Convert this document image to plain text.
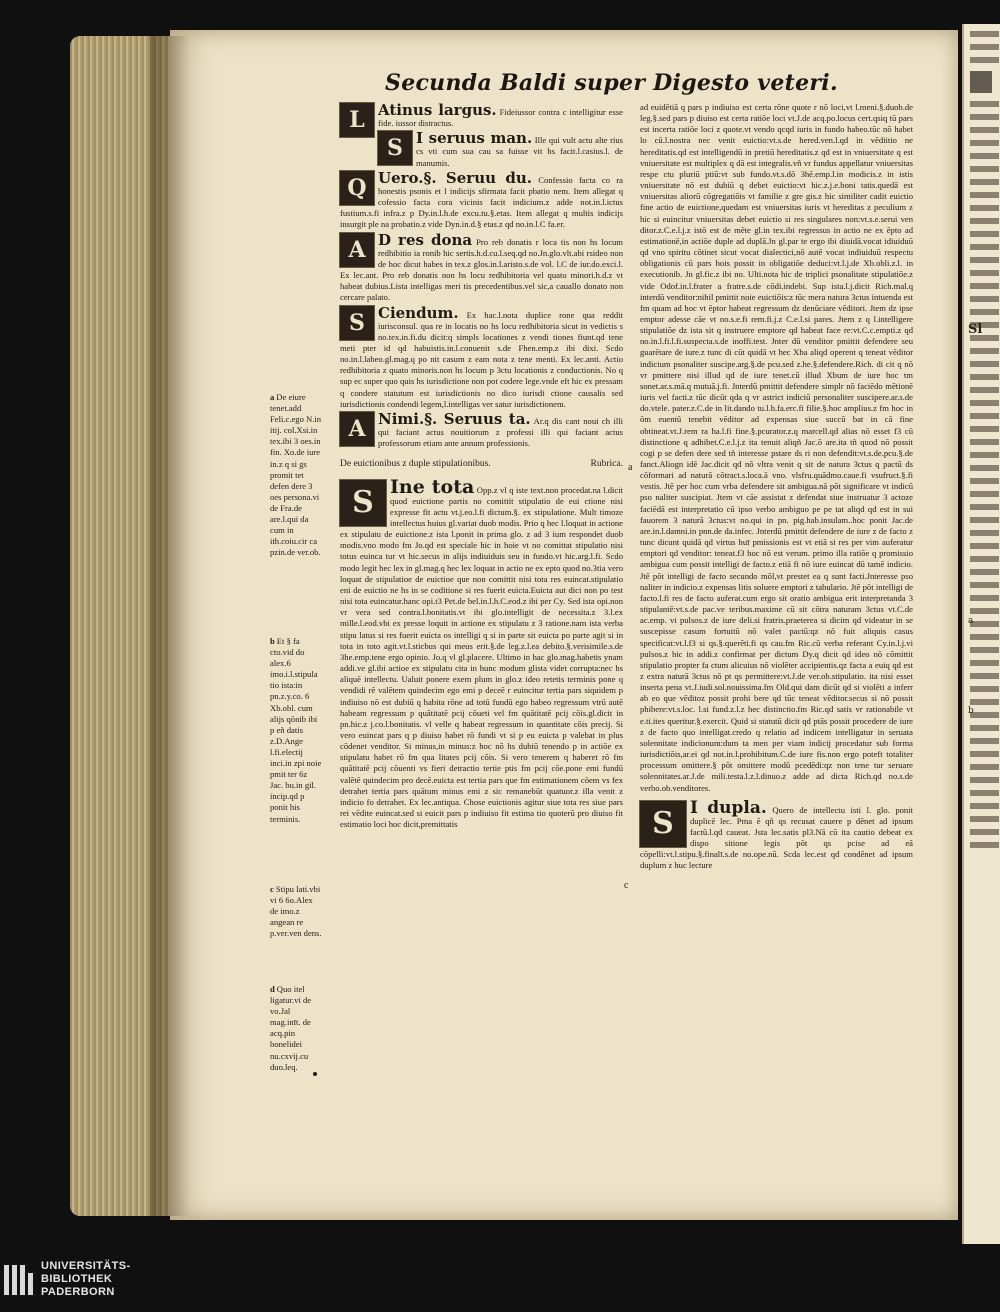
Sl
a
b
Secunda Baldi super Digesto veteri.
L Atinus largus. Fideiussor contra c intelligitur esse fide. iussor distractus.
S I seruus man. Ille qui vult actu alte rius cs vti cum sua cau sa fuisse vit hs facit.l.casius.l. de manumis.
Q Uero.§. Seruu du. Confessio facta co ra honestis psonis et l indicijs sfirmata facit pbatio nem. Item allegat q cofessio facta cora vicinis facit indicium.z adde not.in.l.ictus fustium.s.fi infra.z p Dy.in.l.h.de excu.tu.§.etas. Item allegat q multis indicijs insurgit ple na probatio.z vide Dyn.in.d.§ etas.z qd no.in.l.C fa.er.
A D res dona Pro reb donatis r loca tis non hs locum redhibitio ia ronib hic sertis.h.d.cu.l.seq.qd no.Jn.glo.vlt.abi rsideo non de hoc dicut habes in tex.z glos.in.l.aristo.s.de vol. l.C de iur.do.exci.l. Ex lec.ant. Pro reb donatis non hs locu redhibitoria vel quato minori.h.d.z vt habeat dubius.Lista intelligas meri tis precedentibus.vel sic,a cauallo donato non cercare palato.
S Ciendum. Ex hac.l.nota duplice rone qua reddit iurisconsul. qua re in locatis no hs locu redhibitoria sicut in vedictis s no.tex.in.fi.du dicit:q simpls locationes z vendi tiones fiunt.qd tene meti pter id qd habuistis.in.l.conuenit s.de Fhen.emp.z ibi dixi. Scdo no.in.l.labeo.gl.mag.q po nit casum z eam nota z tene menti. Ex lec.anti. Actio redhibitoria z quato minoris.non hs locum p 3ctu locationis z conductionis. No q sup ec super quo quis hs iurisdictione non pot codere lege.vnde eft hic ex pressam q condere statutum est iurisdictionis no dico iurisdi ctione causalis sed iurisdictionis condendi legem,l.intelligas ver satur iurisdictionem.
A Nimi.§. Seruus ta. Ar.q dis cant noui ch illi qui faciant actus nouitiorum z professi illi qui faciant actus professorum etiam ante annum professionis.
De euictionibus z duple stipulationibus.	Rubrica.
S Ine tota Opp.z vl q iste text.non procedat.na l.dicit quod euictione partis no comittit stipulatio de eui ctione nisi expresse fit actu vt.j.eo.l.fi dictum.§. ex stipulatione. Mult timoze intellectus huius gl.variat duob modis. Prio q hec l.loquat in actione ex stipulatu de euictione.z ista l.ponit in prima glo. z ad 3 ium respondet duob modis.vno modo fm Jo.qd est speciale hic in hoie vt no comittat stipulatio nisi totus euinca tur vt hic.secus in alijs indiuiduis seu in fundo.vt hic.arg.l.fi. Scdo modo legit hec lex in gl.mag.q hec lex loquat in actio ne ex epto quod no.3tia vero loquat de stipulatioe de euictioe que non comittit nisi tota res euincat.stipulatio eni de euictio ne hs in se coditione si res fuerit euicta.Euicta aut dici non po test nisi tota euincatur.hanc opi.t3 Pet.de bel.in.l.h.C.eod.z ibi per Cy. Sed ista opi.non vr vera sed contra.l.bonitatis.vt ibi glo.intelligit de necessita.z 3.l.ex mille.l.eod.vbi ex presse loquit in actione ex stipulatu z 3 ratione.nam ista verba stipu latus si res fuerit euicta os intelligi q si in parte sit euicta po parte agit si in tota in toto agit.vt.l.sticbus qui meus erit.§.de leg.z.l.ea debito.§.verisimile.s.de 3he.emp.tene ergo opinio. Jo.q vl gl.placere. Ultimo in hac glo.mag.habetis ynam addi.ve gl.ibi actioe ex stipulatu cita in hunc modum glista videt corrupta:nec hs aliquē intellectu. Ualuit ponere exem plum in glo.z ideo retetis terminis pone q vendidi rē valētem quindecim ego emi p deceē r euincitur tertia pars siquidem p indiuiso nō est dubiū q habita rōne ad totū fundū ego habeo regressum vtrū autē habeam regressum p quātitatē pcij cōueti vel fm quātitatē pcij cōis.gl.dicit in pn.hic.z j.co.l.bonitatis. vl velle q habeat regressum in quantitate cōis precij. Si vero euincat pars q p diuiso habet rō fundi vt si p eu euicta p valebat in plus cōdenet venditor. Si minus,in minus:z hoc nō hs dubiū tenendo p in actiōe ex stipulatu habet rō fm qua litates pcij cōis. Si vero tenerem q haberet rō fm quātitatē pcij cōuenti vs fieri detractio tertie ptis fm pcij cōe.pone emi fundū valētē quindecim pro decē.euicta est tertia pars que fm estimationem cōem vs fex detrahet tertia pars quātum minus emi z sic remanebūt quatuor.z illa venit z indicio fo detrahet. Ex lec.antiqua. Chose euictionis agitur siue tota res siue pars rei vēdite euincat.sed si euicit pars p indiuiso fit estima tio quoterū pro diuiso fit estimatio loci hoc dicit,premittatis
ad euidētiā q pars p indiuiso est certa rōne quote r nō loci,vt l.meni.§.duob.de leg.§.sed pars p diuiso est certa ratiōe loci vt.J.de acq.po.locus cert.qsiq tū pars est incerta ratiōe loci z quote.vt vendo qcqd iuris in fundo habeo.tūc nō habet lo cū.l.nostra nec venit euictio:vt.s.de hered.ven.l.qd in vēdiitio ne hereditatis.qd est intelligendū in pretiū hereditatis.z qd est in vniuersitate q est vniuersitate est multiplex q dā est integralis.vñ vr fundus appellatur vniuersitas respe ctu pluriū ptiū:vt sub fundo.vt.s.dō 3hē.emp.l.in modicis.z in istis vniuersitate nō est dubiū q debet euictio:vt hic.z.j.e.boni tatis.quedā est vniuersitas aliorū cōgregatiōis vt familie z gre gis.z hic similiter cadit euictio fine actio de euictione,quedam est vniuersitas iuris vt hereditas z peculium z hic si euincitur vniuersitas debet euictio si res singulares non:vt.s.e.serui ven ditor.z.C.e.l.j.z istō est de mēte gl.in tex.ibi regressus in actio ne ex ēpto ad estimationē,in actiōe duple ad duplā.Jn gl.par te ergo ibi diuidā.vocat idiuiduū qd vno spiritu cōtinet sicut vocat dialectici,nō autē vocat indiuiduū respectu obligationis cū pars hois possit in obligatiōe deduci:vt.l.j.de Xb.obli.z.l. in executionib. Jn gl.fic.z ibi no. Ulti.nota hic de triplici psonalitate stipulatiōe.z vide Odof.in.l.frater a fratre.s.de cōdi.indebi. Sup ista.l.j.dicit Rich.mal.q interdū venditor:nihil pmittit noie euictiōis:z tūc mera natura 3ctus intuenda est fm quam ad hoc vt ēptor habeat regressum dz denūciare vēditori. Jtem dz ipse emptor adesse cāe vt no.s.e.fi rem.fi.j.z C.e.l.si pares. Jtem z q l.intelligere stipulatiōe dz ista sit q instruere emptore qd habeat face re:vt.C.c.empti.z qd no.in.l.fi.l.fi.suspecta.s.de inoffi.test. Jnter dū venditor pmittit defendere seu guarētare de iure.z tunc di cūt quidā vt hec Xba aliqd operent q teneat vēditor indicium psonaliter suscipe.arg.§.de pcu.sed z.he.§.defendere.Rich. di cit q nō vr pmittere nisi illud qd de iure tenet.cū illud Xbum de iure hoc tm sonet.ar.s.mā.q mutuā.j.fi. Jnterdū pmittit defendere simplr nō faciēdo mētionē iuris vel facti.z tūc dicūt qda q vr astrict indiciū personaliter suscipere.ar.s.de do.vtele. pater.z.C.de in lit.dando tu.l.h.fa.erc.fi filie.§.hoc amplius.z fm hoc in ōm euentū tenebit vēditor ad expensas siue succū bat in cā fine obtineat.vt.J.rem ra ha.l.fi fine.§.pcurator.z.q marcell.qd alias nō esset f3 cū distinctione q adhibet.C.e.l.j.z ita tenuit aliqñ Jac.ō are.ita tñ quod nō possit cogi p se defen dere sed tñ interesse pstare ds ri non defendit:vt.s.de.pcu.§.de fanct.Aliogn idē Jac.dicit qd nō vltra venit q sit de natura 3ctus q pactū ds cōformari ad naturā cōtract.s.loca.ā vno. vlsfru.quādmo.caue.fi vsufruct.§.fi vestis. Jtē per hoc cum vrba defendere sit ambigua.nā pōt significare vt indicū pso naliter suscipiat. Jtem vt cāe assistat z defendat siue instruatur 3 actoze faciēdā est interpretatio cū ipso verbo ambiguo pe pe tat aliqd qd est in sui fauorem 3 naturā 3ctus:vt no.qui in pn. pig.hab.insulam..hoc ponit Jac.de are.in.l.damni.in pnn.de da.infec. Jnterdū pmittit defendere de iure z de facto z tunc dicunt quidā qd virtus huī pmissionis est vt etiā si res per vim auferatur emptori qd venditor: teneat.f3 hoc nō est verum. primo illa ratiōe q promissio ambigua cum possit intelligi de facto.z etiā fi nō iure euincat dū tamē indicio. Jtē pōt intelligi de facto secundo mōl,vt prestet ea q sunt facti.Jnteresse pso naliter in indicio.z expensas litis soluere emptori z tabulario. Jtē pōt intelligi de facto.l.fi res de facto auferat.cum ergo sit oratio ambigua erit interpretanda 3 stipulantē:vt.s.de pac.ve teribus.maxime cū sit cōtra naturam 3ctus vt.C.de ac.emp. vi pulsos.z de iure deli.si fratris.praeterea si dicim qd videatur in se suscepisse casum fortuitū nō valet pactū:qz nō fuit aliquis casus specificat:vt.l.f3 si qs.§.querēti.fi qs cau.fm Ric.cū verba referant Cy.in.l.j.vi pulsos.z hic in addi.z confirmat per dictum Dy.q dicit qd ideo nō cōmittit stipulatio propter fa ctum alicuius nō violēter accipientis.qz facta a euiq qd est z extra naturā 3ctus nō pt qs permittere:vt.J.de ver.ob.stipulatio. ita nisi esset inserta pena vt.J.iudi.sol.nouissima.fm Old.qui dam dicūt qd si violēti a inferr ab eo que vēditoz possit prohi bere qd tūc teneat vēditor.secus si nō possit phibere:vt.s.loc. l.si fund.z.l.z hec distinctio.fm Ric.qd satis vr rationabile vt e.ti.ites queritur.§.exercit. Quid si statutū dicit qd ptās possit procedere de iure z de facto quo intelligat.credo q relatio ad indicem intelligatur in seruata solennitate indicionum:dum ta men per viam indicij procedatur sub forma iurisdictiōis,ar.ei qd not.in.l.prohibitum.C.de iure fis.non ergo poteft totaliter processum omittere.§ pōt omittere modū pcedēdi:qz non tene tur seruare solennitates.ar.J.de mili.testa.l.z.l.dinuo.z adde ad dicta Rich.qd no.s.de verbo.ob.venditores.
S I dupla. Quero de intellectu isti l. glo. ponit duplicē lec. Pma ē qñ qs recusat cauere p dēnet ad ipsum factū.l.qd caueat. Jsta lec.satis pl3.Nā cū ita cautio debeat ex dispo sitione legis pōt qs pcise ad eā cōpelli:vt.l.stipu.§.finalī.s.de no.ope.nū. Scda lec.est qd condēnet ad ipsum duplum z huc lecture
a De eiure tenet.add Feli.c.ego N.in itij. col.Xsi.in tex.ibi 3 oes.in fin. Xo.de iure in.z q si gs promit tet defen dere 3 oes persona.vi de Fra.de are.l.qui da cum in ith.coiu.cir ca pzin.de ver.ob.
b Et § fa cto.vid do alex.6 imo.i.l.stipula tio ista:in pn.z.y.co. 6 Xb.obl. cum alijs qōnib ibi p eñ datis z.D.Ange l.fi.electij inci.in zpi noie pmit ter 6z Jac. bu.in gil. incip.qd p ponit his terminis.
c Stipu lati.vbi vi 6 6o.Alex de imo.z angean re p.ver.ven dens.
d Quo itel ligatur.vi de vo.Jal mag.inīt. de acq.pin bonelidei nu.cxvij.cu duo.leq.
a
c
UNIVERSITÄTS-
BIBLIOTHEK
PADERBORN
